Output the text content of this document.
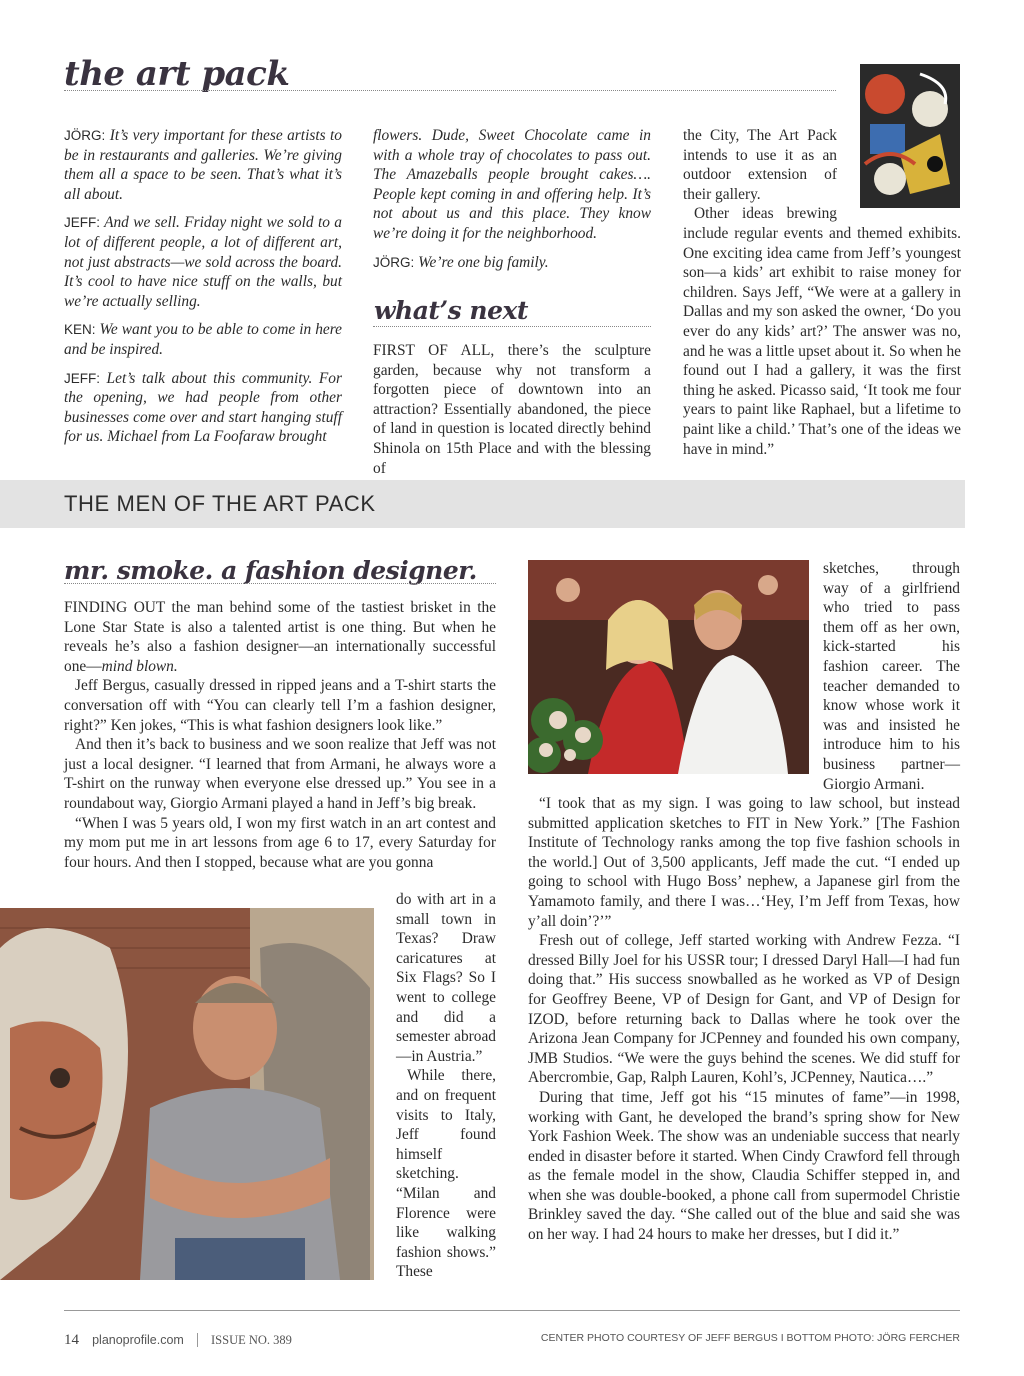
the art pack

JÖRG: It’s very important for these artists to be in restaurants and galleries. We’re giving them all a space to be seen. That’s what it’s all about.

JEFF: And we sell. Friday night we sold to a lot of different people, a lot of different art, not just abstracts—we sold across the board. It’s cool to have nice stuff on the walls, but we’re actually selling.

KEN: We want you to be able to come in here and be inspired.

JEFF: Let’s talk about this community. For the opening, we had people from other businesses come over and start hanging stuff for us. Michael from La Foofaraw brought

flowers. Dude, Sweet Chocolate came in with a whole tray of chocolates to pass out. The Amazeballs people brought cakes…. People kept coming in and offering help. It’s not about us and this place. They know we’re doing it for the neighborhood.

JÖRG: We’re one big family.

what’s next
FIRST OF ALL, there’s the sculpture garden, because why not transform a forgotten piece of downtown into an attraction? Essentially abandoned, the piece of land in question is located directly behind Shinola on 15th Place and with the blessing of
the City, The Art Pack intends to use it as an outdoor extension of their gallery.
Other ideas brewing include regular events and themed exhibits. One exciting idea came from Jeff’s youngest son—a kids’ art exhibit to raise money for children. Says Jeff, “We were at a gallery in Dallas and my son asked the owner, ‘Do you ever do any kids’ art?’ The answer was no, and he was a little upset about it. So when he found out I had a gallery, it was the first thing he asked. Picasso said, ‘It took me four years to paint like Raphael, but a lifetime to paint like a child.’ That’s one of the ideas we have in mind.”
THE MEN OF THE ART PACK
mr. smoke. a fashion designer.
FINDING OUT the man behind some of the tastiest brisket in the Lone Star State is also a talented artist is one thing. But when he reveals he’s also a fashion designer—an internationally successful one—mind blown.
Jeff Bergus, casually dressed in ripped jeans and a T-shirt starts the conversation off with “You can clearly tell I’m a fashion designer, right?” Ken jokes, “This is what fashion designers look like.”
And then it’s back to business and we soon realize that Jeff was not just a local designer. “I learned that from Armani, he always wore a T-shirt on the runway when everyone else dressed up.” You see in a roundabout way, Giorgio Armani played a hand in Jeff’s big break.
“When I was 5 years old, I won my first watch in an art contest and my mom put me in art lessons from age 6 to 17, every Saturday for four hours. And then I stopped, because what are you gonna
do with art in a small town in Texas? Draw caricatures at Six Flags? So I went to college and did a semester abroad—in Austria.”
While there, and on frequent visits to Italy, Jeff found himself sketching. “Milan and Florence were like walking fashion shows.” These
sketches, through way of a girlfriend who tried to pass them off as her own, kick-started his fashion career. The teacher demanded to know whose work it was and insisted he introduce him to his business partner—Giorgio Armani.
“I took that as my sign. I was going to law school, but instead submitted application sketches to FIT in New York.” [The Fashion Institute of Technology ranks among the top five fashion schools in the world.] Out of 3,500 applicants, Jeff made the cut. “I ended up going to school with Hugo Boss’ nephew, a Japanese girl from the Yamamoto family, and there I was…‘Hey, I’m Jeff from Texas, how y’all doin’?’”
Fresh out of college, Jeff started working with Andrew Fezza. “I dressed Billy Joel for his USSR tour; I dressed Daryl Hall—I had fun doing that.” His success snowballed as he worked as VP of Design for Geoffrey Beene, VP of Design for Gant, and VP of Design for IZOD, before returning back to Dallas where he took over the Arizona Jean Company for JCPenney and founded his own company, JMB Studios. “We were the guys behind the scenes. We did stuff for Abercrombie, Gap, Ralph Lauren, Kohl’s, JCPenney, Nautica….”
During that time, Jeff got his “15 minutes of fame”—in 1998, working with Gant, he developed the brand’s spring show for New York Fashion Week. The show was an undeniable success that nearly ended in disaster before it started. When Cindy Crawford fell through as the female model in the show, Claudia Schiffer stepped in, and when she was double-booked, a phone call from supermodel Christie Brinkley saved the day. “She called out of the blue and said she was on her way. I had 24 hours to make her dresses, but I did it.”
14 planoprofile.com ISSUE NO. 389	CENTER PHOTO COURTESY OF JEFF BERGUS I BOTTOM PHOTO: JÖRG FERCHER
